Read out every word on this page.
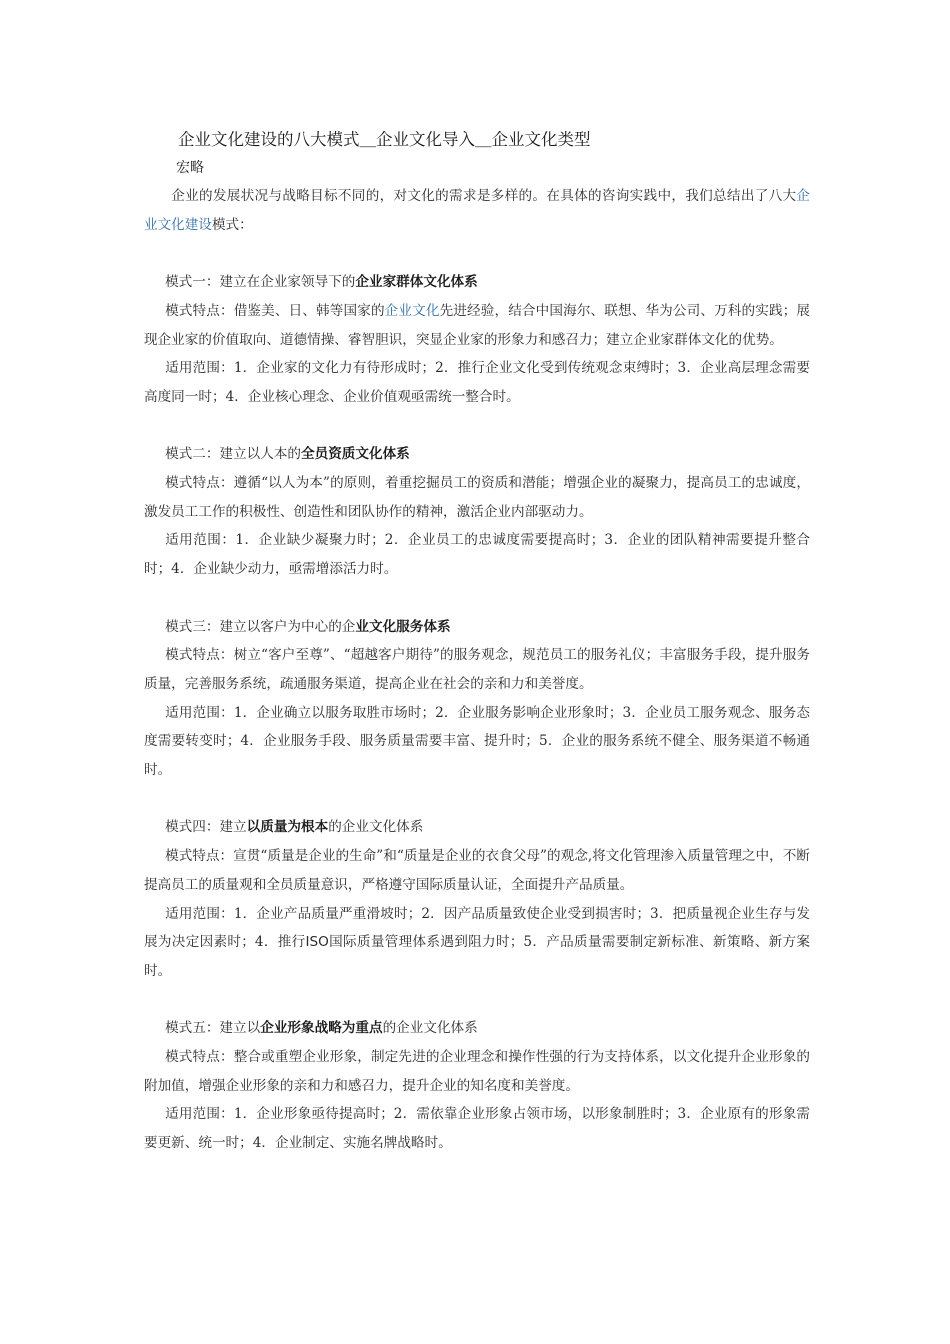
企业文化建设的八大模式＿企业文化导入＿企业文化类型
宏略

企业的发展状况与战略目标不同的，对文化的需求是多样的。在具体的咨询实践中，我们总结出了八大企业文化建设模式：

模式一：建立在企业家领导下的企业家群体文化体系

模式特点：借鉴美、日、韩等国家的企业文化先进经验，结合中国海尔、联想、华为公司、万科的实践；展现企业家的价值取向、道德情操、睿智胆识，突显企业家的形象力和感召力；建立企业家群体文化的优势。

适用范围：1．企业家的文化力有待形成时；2．推行企业文化受到传统观念束缚时；3．企业高层理念需要高度同一时；4．企业核心理念、企业价值观亟需统一整合时。

模式二：建立以人本的全员资质文化体系

模式特点：遵循“以人为本”的原则，着重挖掘员工的资质和潜能；增强企业的凝聚力，提高员工的忠诚度，激发员工工作的积极性、创造性和团队协作的精神，激活企业内部驱动力。

适用范围：1．企业缺少凝聚力时；2．企业员工的忠诚度需要提高时；3．企业的团队精神需要提升整合时；4．企业缺少动力，亟需增添活力时。

模式三：建立以客户为中心的企业文化服务体系

模式特点：树立“客户至尊”、“超越客户期待”的服务观念，规范员工的服务礼仪；丰富服务手段，提升服务质量，完善服务系统，疏通服务渠道，提高企业在社会的亲和力和美誉度。

适用范围：1．企业确立以服务取胜市场时；2．企业服务影响企业形象时；3．企业员工服务观念、服务态度需要转变时；4．企业服务手段、服务质量需要丰富、提升时；5．企业的服务系统不健全、服务渠道不畅通时。

模式四：建立以质量为根本的企业文化体系

模式特点：宣贯“质量是企业的生命”和“质量是企业的衣食父母”的观念,将文化管理渗入质量管理之中，不断提高员工的质量观和全员质量意识，严格遵守国际质量认证，全面提升产品质量。

适用范围：1．企业产品质量严重滑坡时；2．因产品质量致使企业受到损害时；3．把质量视企业生存与发展为决定因素时；4．推行ISO国际质量管理体系遇到阻力时；5．产品质量需要制定新标准、新策略、新方案时。

模式五：建立以企业形象战略为重点的企业文化体系

模式特点：整合或重塑企业形象，制定先进的企业理念和操作性强的行为支持体系，以文化提升企业形象的附加值，增强企业形象的亲和力和感召力，提升企业的知名度和美誉度。

适用范围：1．企业形象亟待提高时；2．需依靠企业形象占领市场，以形象制胜时；3．企业原有的形象需要更新、统一时；4．企业制定、实施名牌战略时。
